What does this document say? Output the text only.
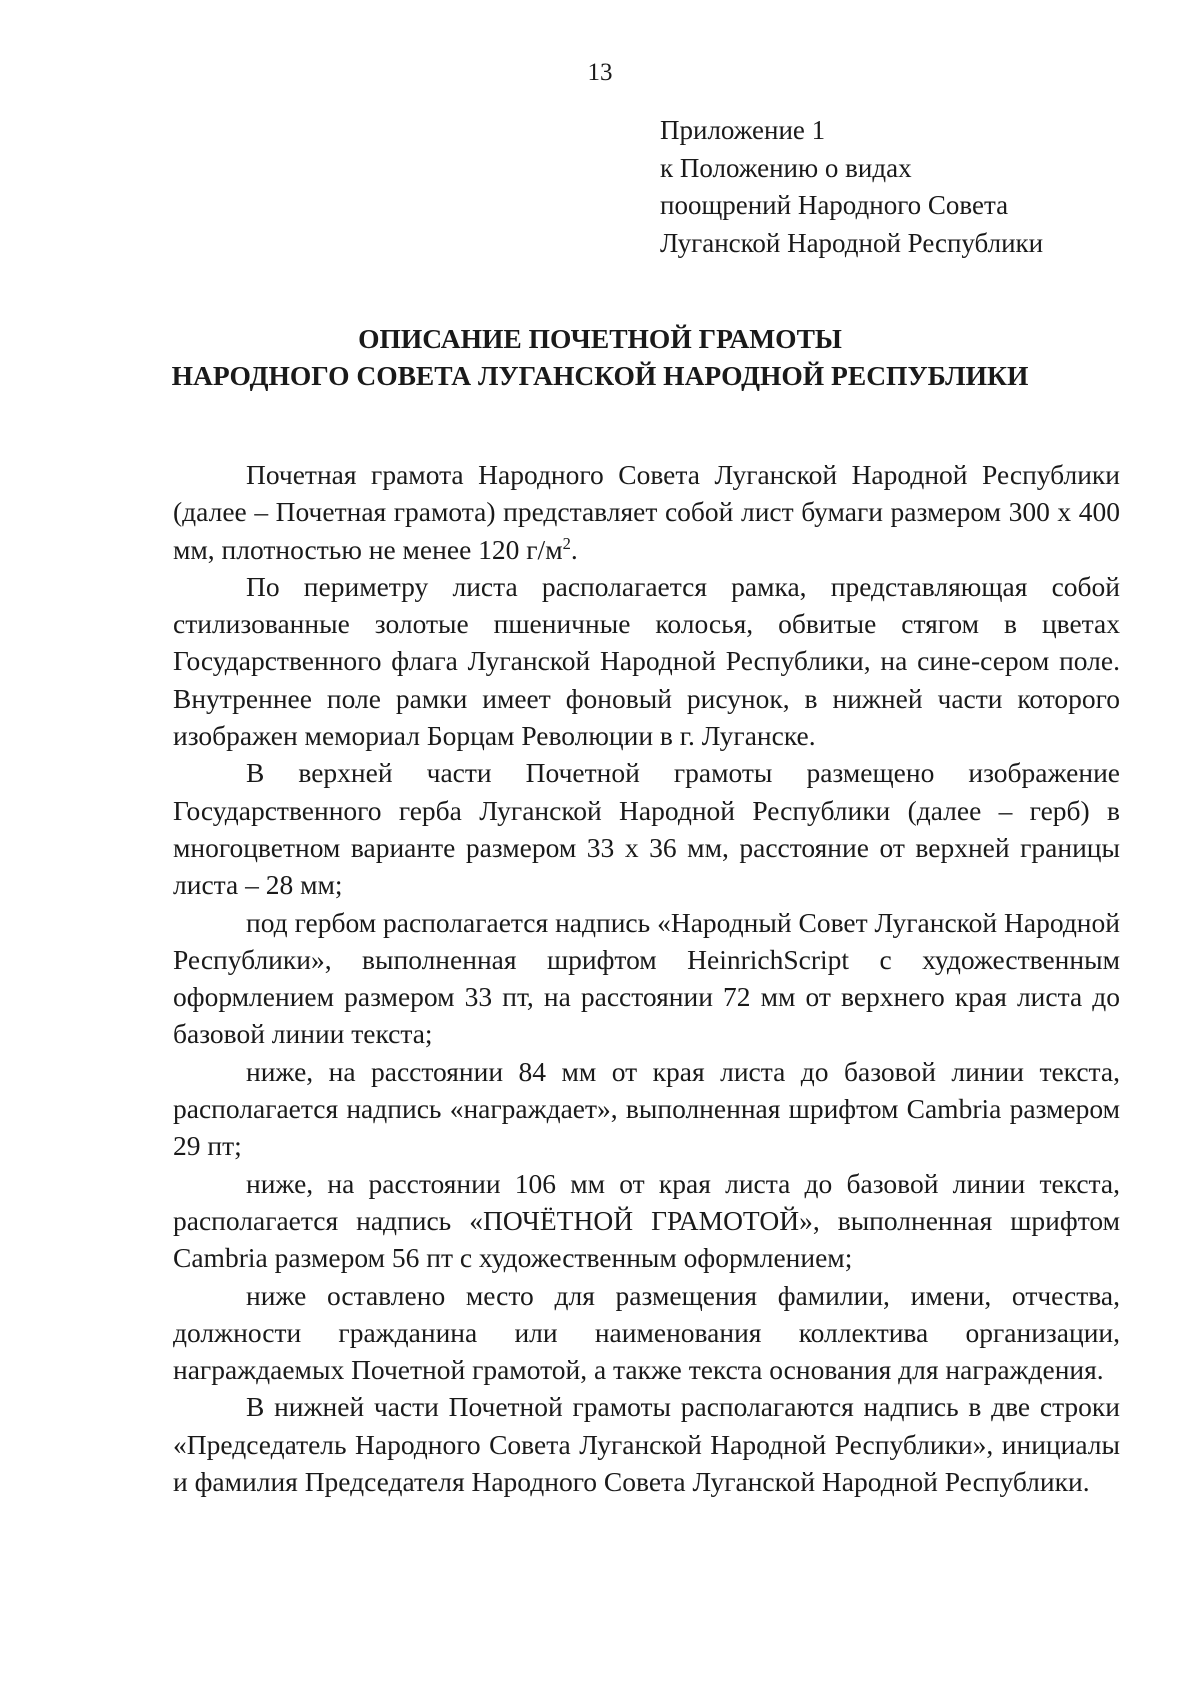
13
Приложение 1
к Положению о видах
поощрений Народного Совета
Луганской Народной Республики
ОПИСАНИЕ ПОЧЕТНОЙ ГРАМОТЫ
НАРОДНОГО СОВЕТА ЛУГАНСКОЙ НАРОДНОЙ РЕСПУБЛИКИ

Почетная грамота Народного Совета Луганской Народной Республики (далее – Почетная грамота) представляет собой лист бумаги размером 300 x 400 мм, плотностью не менее 120 $г/м^2$.

По периметру листа располагается рамка, представляющая собой стилизованные золотые пшеничные колосья, обвитые стягом в цветах Государственного флага Луганской Народной Республики, на сине-сером поле. Внутреннее поле рамки имеет фоновый рисунок, в нижней части которого изображен мемориал Борцам Революции в г. Луганске.

В верхней части Почетной грамоты размещено изображение Государственного герба Луганской Народной Республики (далее – герб) в многоцветном варианте размером 33 x 36 мм, расстояние от верхней границы листа – 28 мм;

под гербом располагается надпись «Народный Совет Луганской Народной Республики», выполненная шрифтом HeinrichScript с художественным оформлением размером 33 пт, на расстоянии 72 мм от верхнего края листа до базовой линии текста;

ниже, на расстоянии 84 мм от края листа до базовой линии текста, располагается надпись «награждает», выполненная шрифтом Cambria размером 29 пт;

ниже, на расстоянии 106 мм от края листа до базовой линии текста, располагается надпись «ПОЧЁТНОЙ ГРАМОТОЙ», выполненная шрифтом Cambria размером 56 пт с художественным оформлением;

ниже оставлено место для размещения фамилии, имени, отчества, должности гражданина или наименования коллектива организации, награждаемых Почетной грамотой, а также текста основания для награждения.

В нижней части Почетной грамоты располагаются надпись в две строки «Председатель Народного Совета Луганской Народной Республики», инициалы и фамилия Председателя Народного Совета Луганской Народной Республики.
